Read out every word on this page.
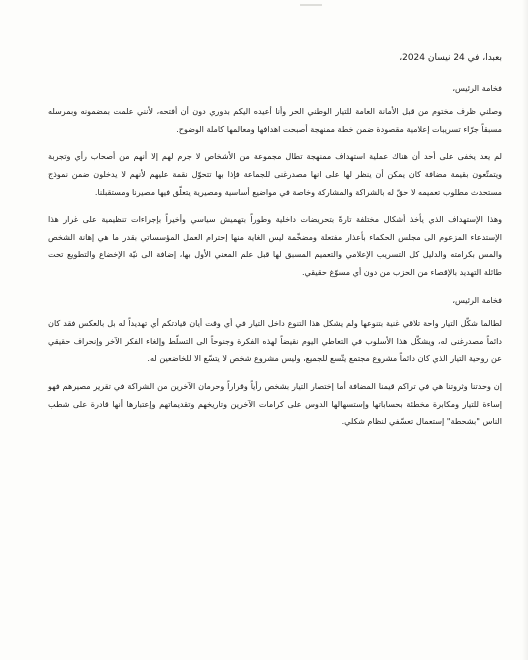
بعبدا، في 24 نيسان 2024،
فخامة الرئيس،
وصلني ظرف مختوم من قبل الأمانة العامة للتيار الوطني الحر وأنا أعيده اليكم بدوري دون أن أفتحه، لأنني علمت بمضمونه وبمرسله مسبقاً جرّاء تسريبات إعلامية مقصودة ضمن خطة ممنهجة أصبحت اهدافها ومعالمها كاملة الوضوح.
لم يعد يخفى على أحد أن هناك عملية استهداف ممنهجة تطال مجموعة من الأشخاص لا جرم لهم إلا أنهم من أصحاب رأي وتجربة ويتمتّعون بقيمة مضافة كان يمكن أن ينظر لها على انها مصدرغنى للجماعة فإذا بها تتحوّل نقمة عليهم لأنهم لا يدخلون ضمن نموذج مستحدث مطلوب تعميمه لا حقّ له بالشراكة والمشاركة وخاصة في مواضيع أساسية ومصيرية يتعلّق فيها مصيرنا ومستقبلنا.
وهذا الإستهداف الذي يأخذ أشكال مختلفة تارةً بتحريضات داخلية وطوراً بتهميش سياسي وأخيراً بإجراءات تنظيمية على غرار هذا الإستدعاء المزعوم الى مجلس الحكماء بأعذار مفتعلة ومضخّمة ليس الغاية منها إحترام العمل المؤسساتي بقدر ما هي إهانة الشخص والمس بكرامته والدليل كل التسريب الإعلامي والتعميم المسبق لها قبل علم المعني الأول بها، إضافة الى نيّة الإخضاع والتطويع تحت طائلة التهديد بالإقصاء من الحزب من دون أي مسوّغ حقيقي.
فخامة الرئيس،
لطالما شكّل التيار واحة تلاقي غنية بتنوعها ولم يشكل هذا التنوع داخل التيار في أي وقت أيان قيادتكم أي تهديداً له بل بالعكس فقد كان دائماً مصدرغنى له، ويشكّل هذا الأسلوب في التعاطي اليوم نقيضاً لهذه الفكرة وجنوحاً الى التسلّط وإلغاء الفكر الآخر وإنحراف حقيقي عن روحية التيار الذي كان دائماً مشروع مجتمع يتّسع للجميع، وليس مشروع شخص لا يتسّع الا للخاضعين له.
إن وحدتنا وثروتنا هي في تراكم قيمنا المضافة أما إختصار التيار بشخص رأياً وقراراً وحرمان الآخرين من الشراكة في تقرير مصيرهم فهو إساءة للتيار ومكابرة مخطئة بحساباتها وإستسهالها الدوس على كرامات الآخرين وتاريخهم وتقديماتهم وإعتبارها أنها قادرة على شطب الناس "بشحطة" إستعمال تعسّفي لنظام شكلي.
